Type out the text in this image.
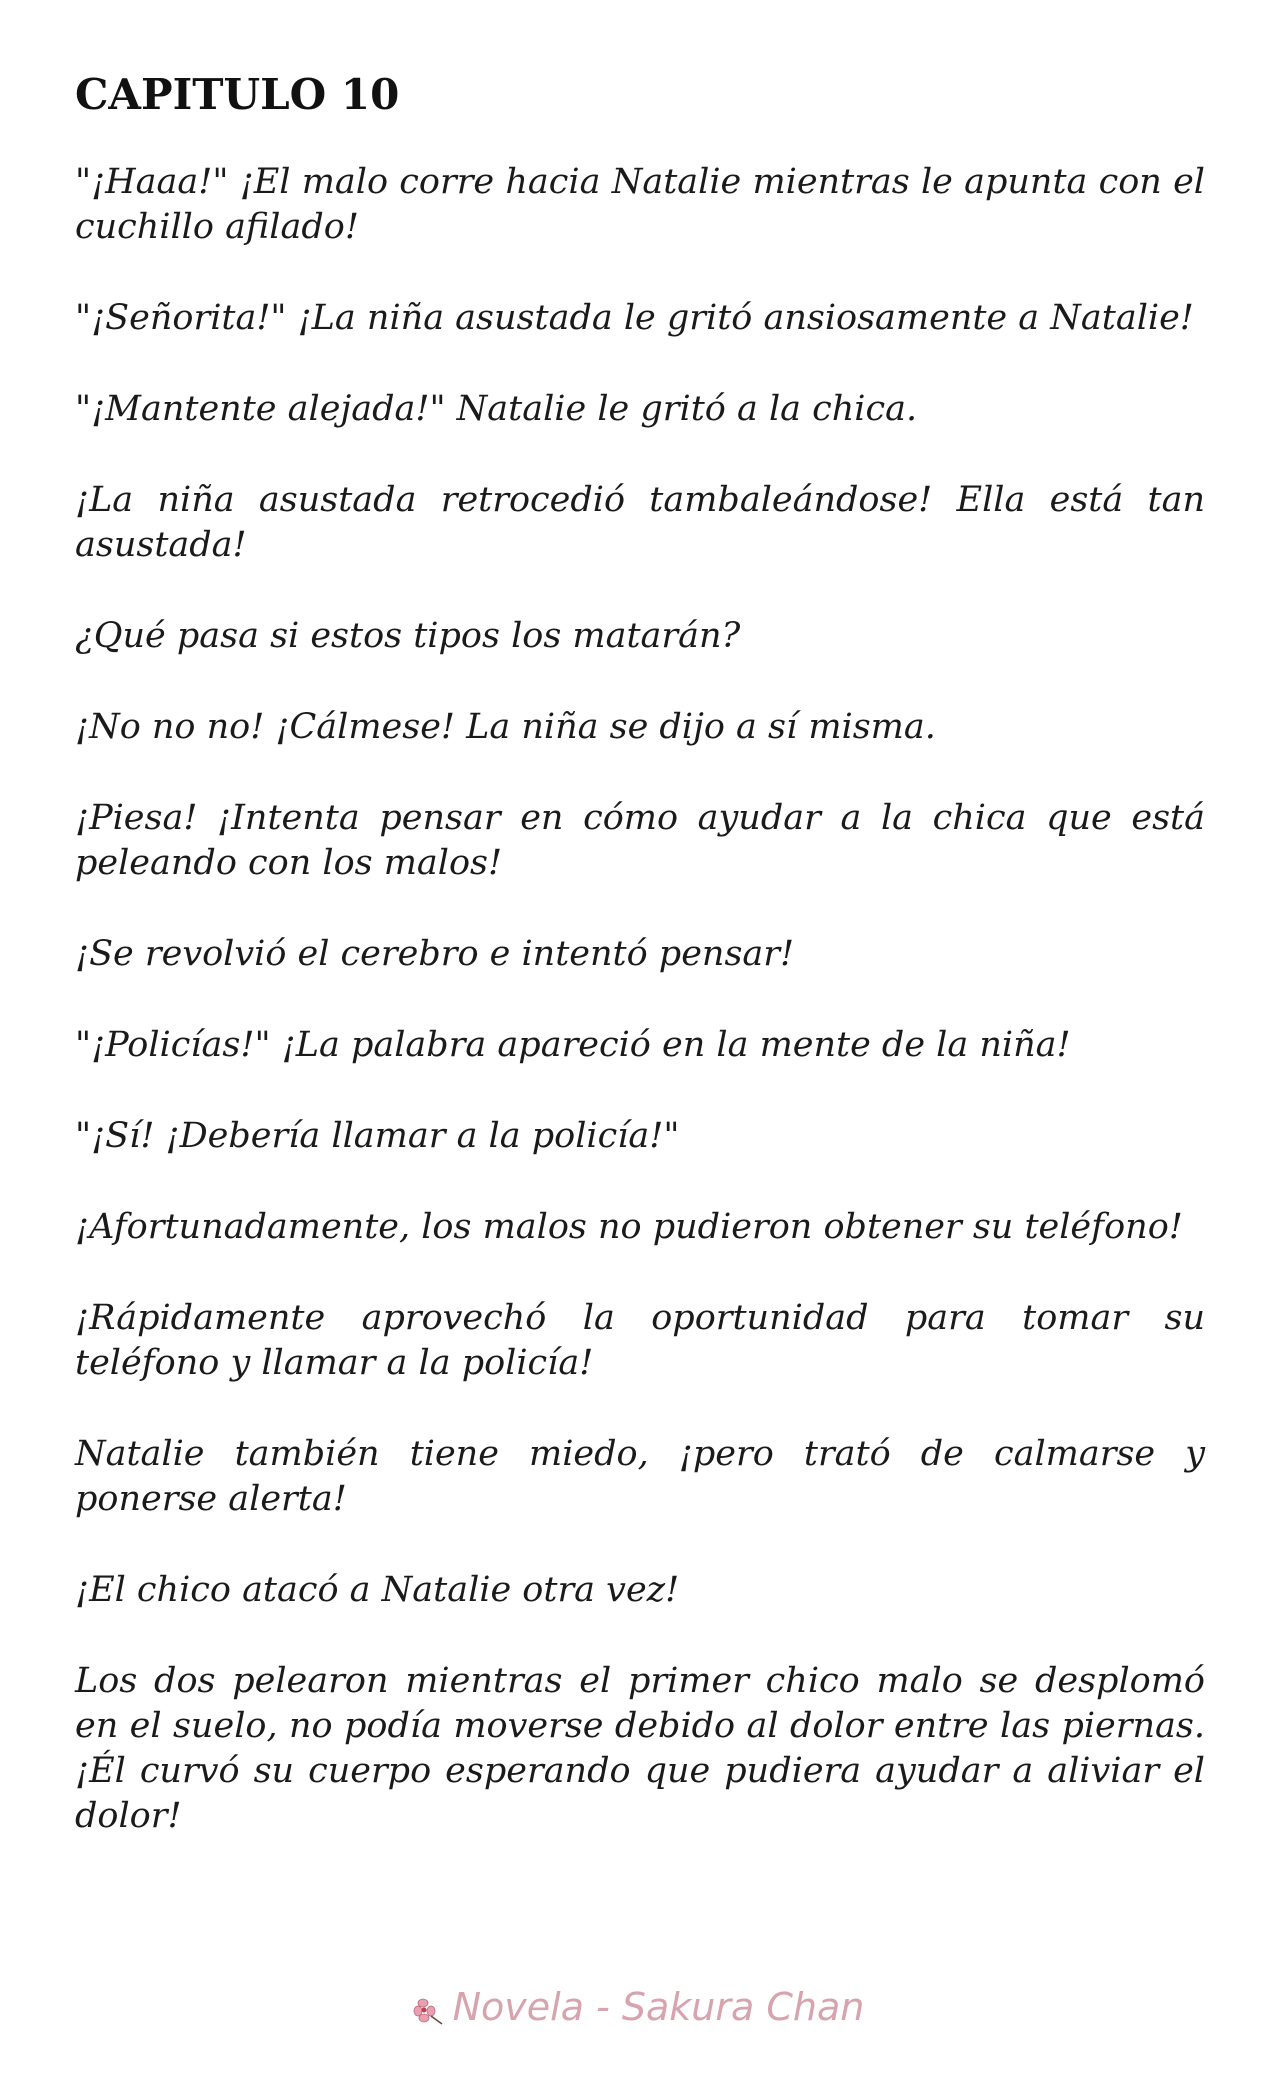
CAPITULO 10

"¡Haaa!" ¡El malo corre hacia Natalie mientras le apunta con el cuchillo afilado!

"¡Señorita!" ¡La niña asustada le gritó ansiosamente a Natalie!

"¡Mantente alejada!" Natalie le gritó a la chica.

¡La niña asustada retrocedió tambaleándose! Ella está tan asustada!

¿Qué pasa si estos tipos los matarán?

¡No no no! ¡Cálmese! La niña se dijo a sí misma.

¡Piesa! ¡Intenta pensar en cómo ayudar a la chica que está peleando con los malos!

¡Se revolvió el cerebro e intentó pensar!

"¡Policías!" ¡La palabra apareció en la mente de la niña!

"¡Sí! ¡Debería llamar a la policía!"

¡Afortunadamente, los malos no pudieron obtener su teléfono!

¡Rápidamente aprovechó la oportunidad para tomar su teléfono y llamar a la policía!

Natalie también tiene miedo, ¡pero trató de calmarse y ponerse alerta!

¡El chico atacó a Natalie otra vez!

Los dos pelearon mientras el primer chico malo se desplomó en el suelo, no podía moverse debido al dolor entre las piernas. ¡Él curvó su cuerpo esperando que pudiera ayudar a aliviar el dolor!

Novela - Sakura Chan
